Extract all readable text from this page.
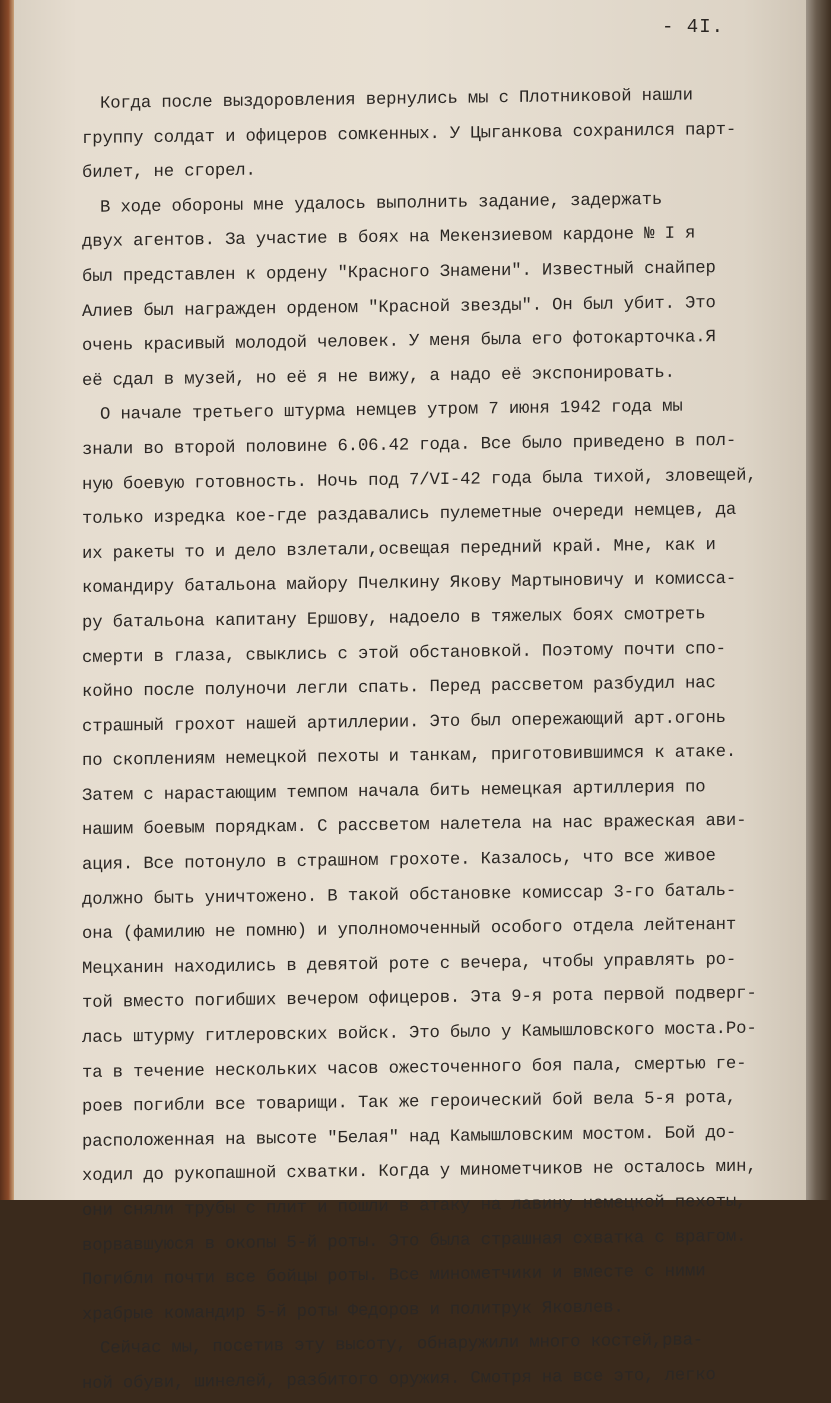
- 4I.
Когда после выздоровления вернулись мы с Плотниковой нашли
группу солдат и офицеров сомкенных. У Цыганкова сохранился парт-
билет, не сгорел.
В ходе обороны мне удалось выполнить задание, задержать
двух агентов. За участие в боях на Мекензиевом кардоне № I я
был представлен к ордену "Красного Знамени". Известный снайпер
Алиев был награжден орденом "Красной звезды". Он был убит. Это
очень красивый молодой человек. У меня была его фотокарточка.Я
её сдал в музей, но её я не вижу, а надо её экспонировать.
О начале третьего штурма немцев утром 7 июня 1942 года мы
знали во второй половине 6.06.42 года. Все было приведено в пол-
ную боевую готовность. Ночь под 7/VI-42 года была тихой, зловещей,
только изредка кое-где раздавались пулеметные очереди немцев, да
их ракеты то и дело взлетали,освещая передний край. Мне, как и
командиру батальона майору Пчелкину Якову Мартыновичу и комисса-
ру батальона капитану Ершову, надоело в тяжелых боях смотреть
смерти в глаза, свыклись с этой обстановкой. Поэтому почти спо-
койно после полуночи легли спать. Перед рассветом разбудил нас
страшный грохот нашей артиллерии. Это был опережающий арт.огонь
по скоплениям немецкой пехоты и танкам, приготовившимся к атаке.
Затем с нарастающим темпом начала бить немецкая артиллерия по
нашим боевым порядкам. С рассветом налетела на нас вражеская ави-
ация. Все потонуло в страшном грохоте. Казалось, что все живое
должно быть уничтожено. В такой обстановке комиссар 3-го баталь-
она (фамилию не помню) и уполномоченный особого отдела лейтенант
Мецханин находились в девятой роте с вечера, чтобы управлять ро-
той вместо погибших вечером офицеров. Эта 9-я рота первой подверг-
лась штурму гитлеровских войск. Это было у Камышловского моста.Ро-
та в течение нескольких часов ожесточенного боя пала, смертью ге-
роев погибли все товарищи. Так же героический бой вела 5-я рота,
расположенная на высоте "Белая" над Камышловским мостом. Бой до-
ходил до рукопашной схватки. Когда у минометчиков не осталось мин,
они сняли трубы с плит и пошли в атаку на лавину немецкой пехоты,
ворвавшуюся в окопы 5-й роты. Это была страшная схватка с врагом.
Погибли почти все бойцы роты. Все минометчики и вместе с ними
храбрые командир 5-й роты Федоров и политрук Яковлев.
Сейчас мы, посетив эту высоту, обнаружили много костей,рва-
ной обуви, шинелей, разбитого оружия. Смотря на все это, легко
